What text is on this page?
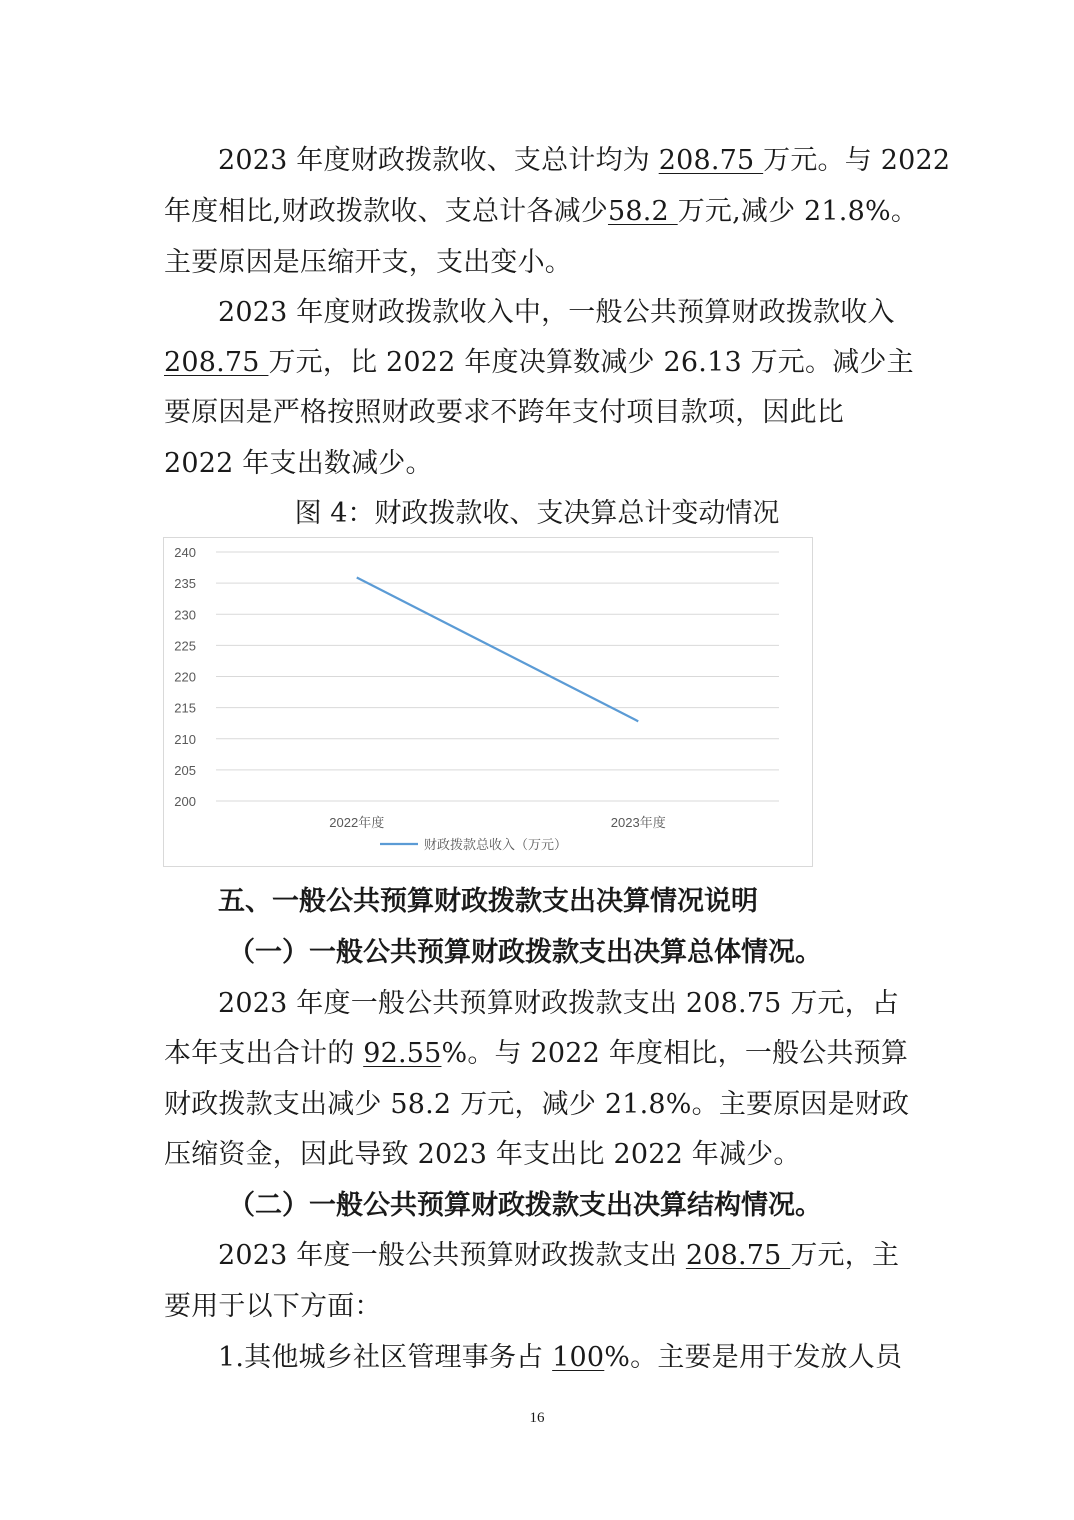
2023 年度财政拨款收、支总计均为 208.75 万元。与 2022
年度相比,财政拨款收、支总计各减少58.2 万元,减少 21.8%。
主要原因是压缩开支，支出变小。
2023 年度财政拨款收入中，一般公共预算财政拨款收入
208.75 万元，比 2022 年度决算数减少 26.13 万元。减少主
要原因是严格按照财政要求不跨年支付项目款项，因此比
2022 年支出数减少。
图 4：财政拨款收、支决算总计变动情况
240
235
230
225
220
215
210
205
200
2022年度	2023年度
财政拨款总收入（万元）
五、一般公共预算财政拨款支出决算情况说明
（一）一般公共预算财政拨款支出决算总体情况。
2023 年度一般公共预算财政拨款支出 208.75 万元，占
本年支出合计的 92.55%。与 2022 年度相比，一般公共预算
财政拨款支出减少 58.2 万元，减少 21.8%。主要原因是财政
压缩资金，因此导致 2023 年支出比 2022 年减少。
（二）一般公共预算财政拨款支出决算结构情况。
2023 年度一般公共预算财政拨款支出 208.75 万元，主
要用于以下方面：
1.其他城乡社区管理事务占 100%。主要是用于发放人员
16
